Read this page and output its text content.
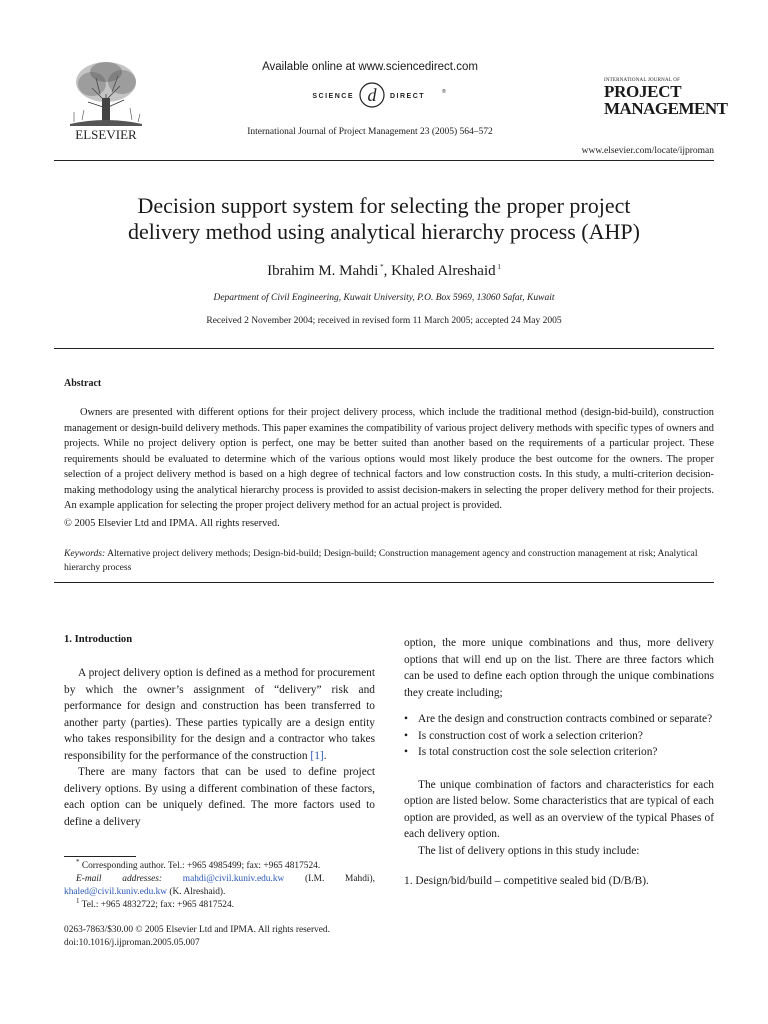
ELSEVIER
Available online at www.sciencedirect.com
SCIENCE d DIRECT
®
International Journal of Project Management 23 (2005) 564–572
INTERNATIONAL JOURNAL OF
PROJECT
MANAGEMENT
www.elsevier.com/locate/ijproman
Decision support system for selecting the proper project
delivery method using analytical hierarchy process (AHP)
Ibrahim M. Mahdi *, Khaled Alreshaid $^1$
Department of Civil Engineering, Kuwait University, P.O. Box 5969, 13060 Safat, Kuwait
Received 2 November 2004; received in revised form 11 March 2005; accepted 24 May 2005
Abstract
Owners are presented with different options for their project delivery process, which include the traditional method (design-bid-build), construction management or design-build delivery methods. This paper examines the compatibility of various project delivery methods with specific types of owners and projects. While no project delivery option is perfect, one may be better suited than another based on the requirements of a particular project. These requirements should be evaluated to determine which of the various options would most likely produce the best outcome for the owners. The proper selection of a project delivery method is based on a high degree of technical factors and low construction costs. In this study, a multi-criterion decision-making methodology using the analytical hierarchy process is provided to assist decision-makers in selecting the proper delivery method for their projects. An example application for selecting the proper project delivery method for an actual project is provided.
© 2005 Elsevier Ltd and IPMA. All rights reserved.
Keywords: Alternative project delivery methods; Design-bid-build; Design-build; Construction management agency and construction management at risk; Analytical hierarchy process
1. Introduction

A project delivery option is defined as a method for procurement by which the owner’s assignment of “delivery” risk and performance for design and construction has been transferred to another party (parties). These parties typically are a design entity who takes responsibility for the design and a contractor who takes responsibility for the performance of the construction [1].

There are many factors that can be used to define project delivery options. By using a different combination of these factors, each option can be uniquely defined. The more factors used to define a delivery

option, the more unique combinations and thus, more delivery options that will end up on the list. There are three factors which can be used to define each option through the unique combinations they create including;

• Are the design and construction contracts combined or separate?
• Is construction cost of work a selection criterion?
• Is total construction cost the sole selection criterion?

The unique combination of factors and characteristics for each option are listed below. Some characteristics that are typical of each option are provided, as well as an overview of the typical Phases of each delivery option.

The list of delivery options in this study include:

1. Design/bid/build – competitive sealed bid (D/B/B).

* Corresponding author. Tel.: +965 4985499; fax: +965 4817524.
E-mail addresses: mahdi@civil.kuniv.edu.kw (I.M. Mahdi), khaled@civil.kuniv.edu.kw (K. Alreshaid).
$^1$ Tel.: +965 4832722; fax: +965 4817524.
0263-7863/$30.00 © 2005 Elsevier Ltd and IPMA. All rights reserved.
doi:10.1016/j.ijproman.2005.05.007
